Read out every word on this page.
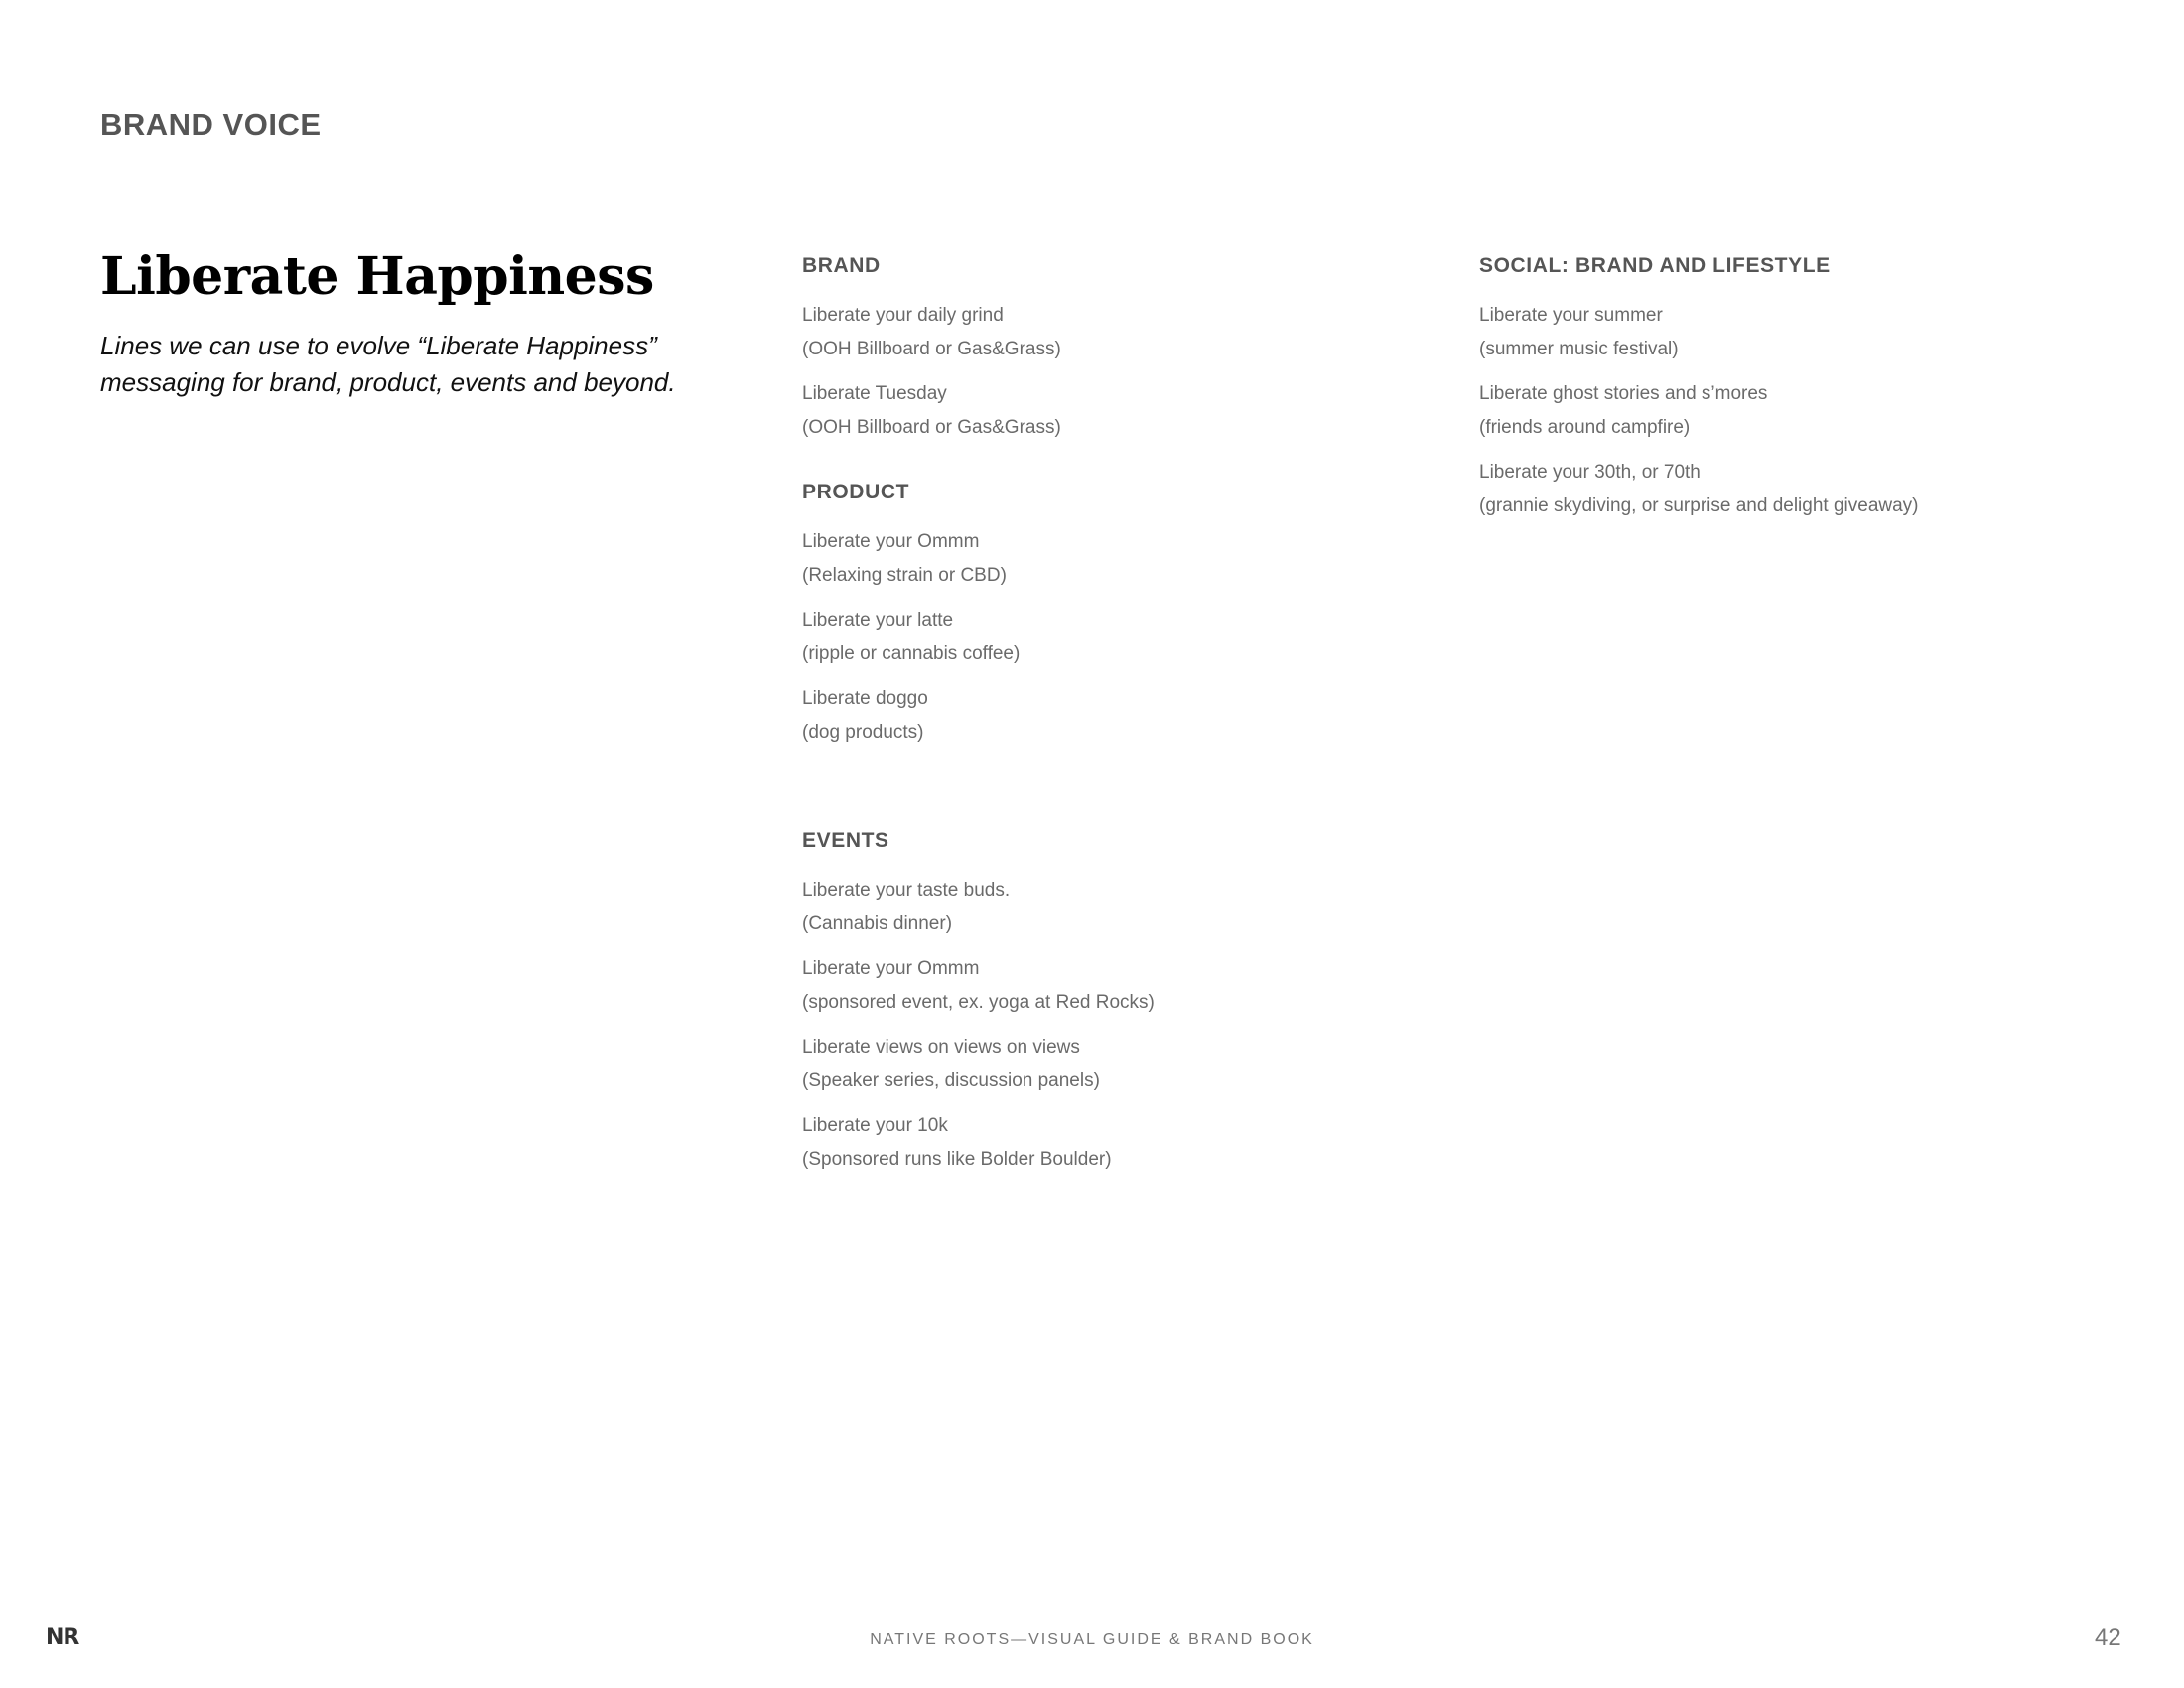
BRAND VOICE
Liberate Happiness

Lines we can use to evolve “Liberate Happiness” messaging for brand, product, events and beyond.

BRAND
Liberate your daily grind
(OOH Billboard or Gas&Grass)
Liberate Tuesday
(OOH Billboard or Gas&Grass)
PRODUCT
Liberate your Ommm
(Relaxing strain or CBD)
Liberate your latte
(ripple or cannabis coffee)
Liberate doggo
(dog products)
EVENTS
Liberate your taste buds.
(Cannabis dinner)
Liberate your Ommm
(sponsored event, ex. yoga at Red Rocks)
Liberate views on views on views
(Speaker series, discussion panels)
Liberate your 10k
(Sponsored runs like Bolder Boulder)
SOCIAL: BRAND AND LIFESTYLE
Liberate your summer
(summer music festival)
Liberate ghost stories and s’mores
(friends around campfire)
Liberate your 30th, or 70th
(grannie skydiving, or surprise and delight giveaway)
NR	NATIVE ROOTS—VISUAL GUIDE & BRAND BOOK	42
